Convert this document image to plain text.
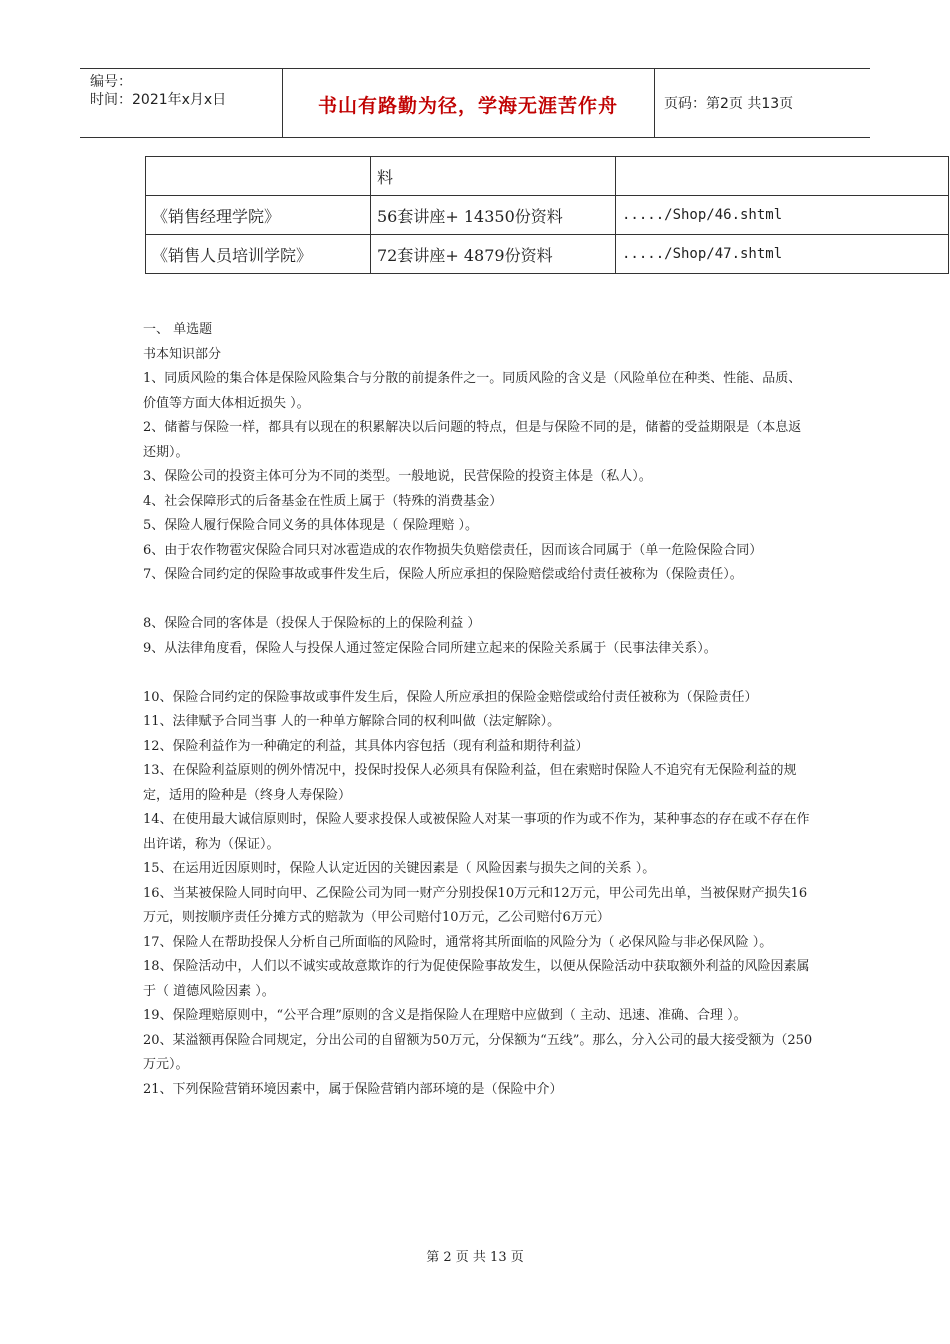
编号：
时间：2021年x月x日	书山有路勤为径，学海无涯苦作舟	页码：第2页 共13页
	料	
《销售经理学院》	56套讲座+ 14350份资料	...../Shop/46.shtml
《销售人员培训学院》	72套讲座+ 4879份资料	...../Shop/47.shtml

一、 单选题

书本知识部分

1、同质风险的集合体是保险风险集合与分散的前提条件之一。同质风险的含义是（风险单位在种类、性能、品质、价值等方面大体相近损失 ）。

2、储蓄与保险一样，都具有以现在的积累解决以后问题的特点，但是与保险不同的是，储蓄的受益期限是（本息返还期）。

3、保险公司的投资主体可分为不同的类型。一般地说，民营保险的投资主体是（私人）。

4、社会保障形式的后备基金在性质上属于（特殊的消费基金）

5、保险人履行保险合同义务的具体体现是（ 保险理赔 ）。

6、由于农作物雹灾保险合同只对冰雹造成的农作物损失负赔偿责任，因而该合同属于（单一危险保险合同）

7、保险合同约定的保险事故或事件发生后，保险人所应承担的保险赔偿或给付责任被称为（保险责任）。

8、保险合同的客体是（投保人于保险标的上的保险利益 ）

9、从法律角度看，保险人与投保人通过签定保险合同所建立起来的保险关系属于（民事法律关系）。

10、保险合同约定的保险事故或事件发生后，保险人所应承担的保险金赔偿或给付责任被称为（保险责任）

11、法律赋予合同当事 人的一种单方解除合同的权利叫做（法定解除）。

12、保险利益作为一种确定的利益，其具体内容包括（现有利益和期待利益）

13、在保险利益原则的例外情况中，投保时投保人必须具有保险利益，但在索赔时保险人不追究有无保险利益的规定，适用的险种是（终身人寿保险）

14、在使用最大诚信原则时，保险人要求投保人或被保险人对某一事项的作为或不作为，某种事态的存在或不存在作出许诺，称为（保证）。

15、在运用近因原则时，保险人认定近因的关键因素是（ 风险因素与损失之间的关系 ）。

16、当某被保险人同时向甲、乙保险公司为同一财产分别投保10万元和12万元，甲公司先出单，当被保财产损失16万元，则按顺序责任分摊方式的赔款为（甲公司赔付10万元，乙公司赔付6万元）

17、保险人在帮助投保人分析自己所面临的风险时，通常将其所面临的风险分为（ 必保风险与非必保风险 ）。

18、保险活动中，人们以不诚实或故意欺诈的行为促使保险事故发生，以便从保险活动中获取额外利益的风险因素属于（ 道德风险因素 ）。

19、保险理赔原则中，“公平合理”原则的含义是指保险人在理赔中应做到（ 主动、迅速、准确、合理 ）。

20、某溢额再保险合同规定，分出公司的自留额为50万元，分保额为“五线”。那么，分入公司的最大接受额为（250万元）。

21、下列保险营销环境因素中，属于保险营销内部环境的是（保险中介）

第 2 页 共 13 页
